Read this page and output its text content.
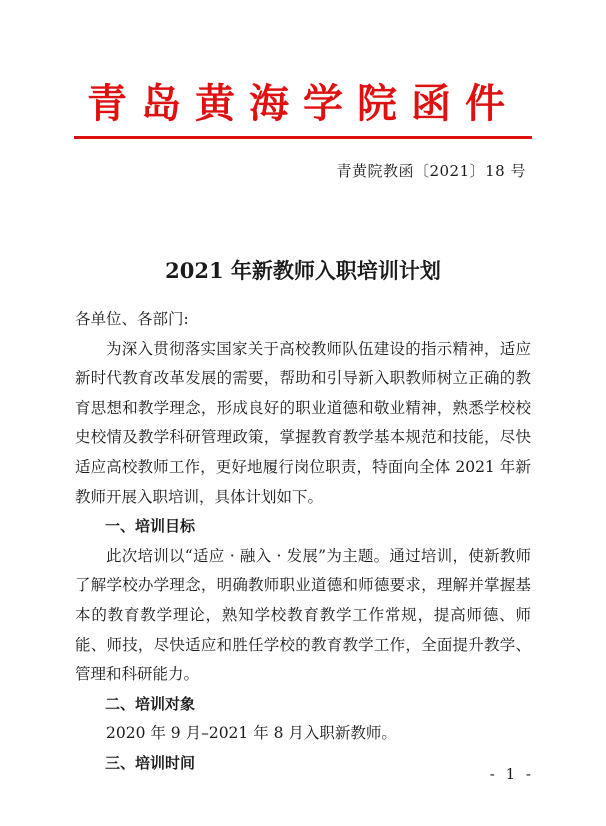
青岛黄海学院函件
青黄院教函〔2021〕18 号
2021 年新教师入职培训计划

各单位、各部门:

为深入贯彻落实国家关于高校教师队伍建设的指示精神，适应新时代教育改革发展的需要，帮助和引导新入职教师树立正确的教育思想和教学理念，形成良好的职业道德和敬业精神，熟悉学校校史校情及教学科研管理政策，掌握教育教学基本规范和技能，尽快适应高校教师工作，更好地履行岗位职责，特面向全体 2021 年新教师开展入职培训，具体计划如下。

一、培训目标

此次培训以“适应 · 融入 · 发展”为主题。通过培训，使新教师了解学校办学理念，明确教师职业道德和师德要求，理解并掌握基本的教育教学理论，熟知学校教育教学工作常规，提高师德、师能、师技，尽快适应和胜任学校的教育教学工作，全面提升教学、管理和科研能力。

二、培训对象

2020 年 9 月–2021 年 8 月入职新教师。

三、培训时间

- 1 -
